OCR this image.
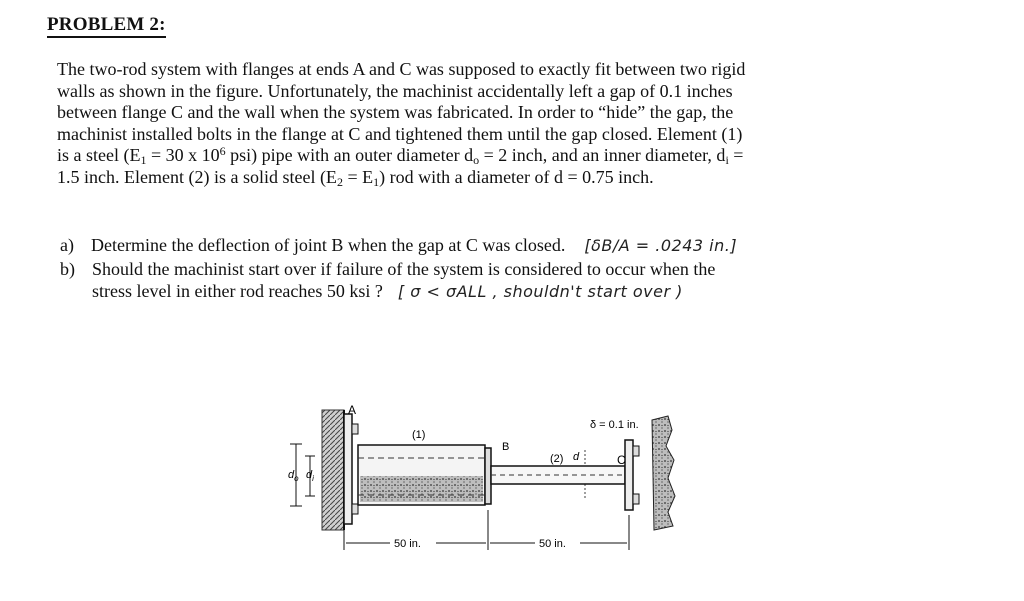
PROBLEM 2:
The two-rod system with flanges at ends A and C was supposed to exactly fit between two rigid
walls as shown in the figure. Unfortunately, the machinist accidentally left a gap of 0.1 inches
between flange C and the wall when the system was fabricated. In order to “hide” the gap, the
machinist installed bolts in the flange at C and tightened them until the gap closed. Element (1)
is a steel ($E_1 = 30$ x $10^6$ psi) pipe with an outer diameter $d_o = 2$ inch, and an inner diameter, $d_i$ =
1.5 inch. Element (2) is a solid steel $(E_2 = E_1)$ rod with a diameter of d = 0.75 inch.
a) Determine the deflection of joint B when the gap at C was closed. [δB/A = .0243 in.]
b) Should the machinist start over if failure of the system is considered to occur when the
stress level in either rod reaches 50 ksi ? [ σ < σALL , shouldn't start over )
A
(1)
B
(2) d	C
δ = 0.1 in.
$d_o$ $d_i$
50 in.	50 in.
